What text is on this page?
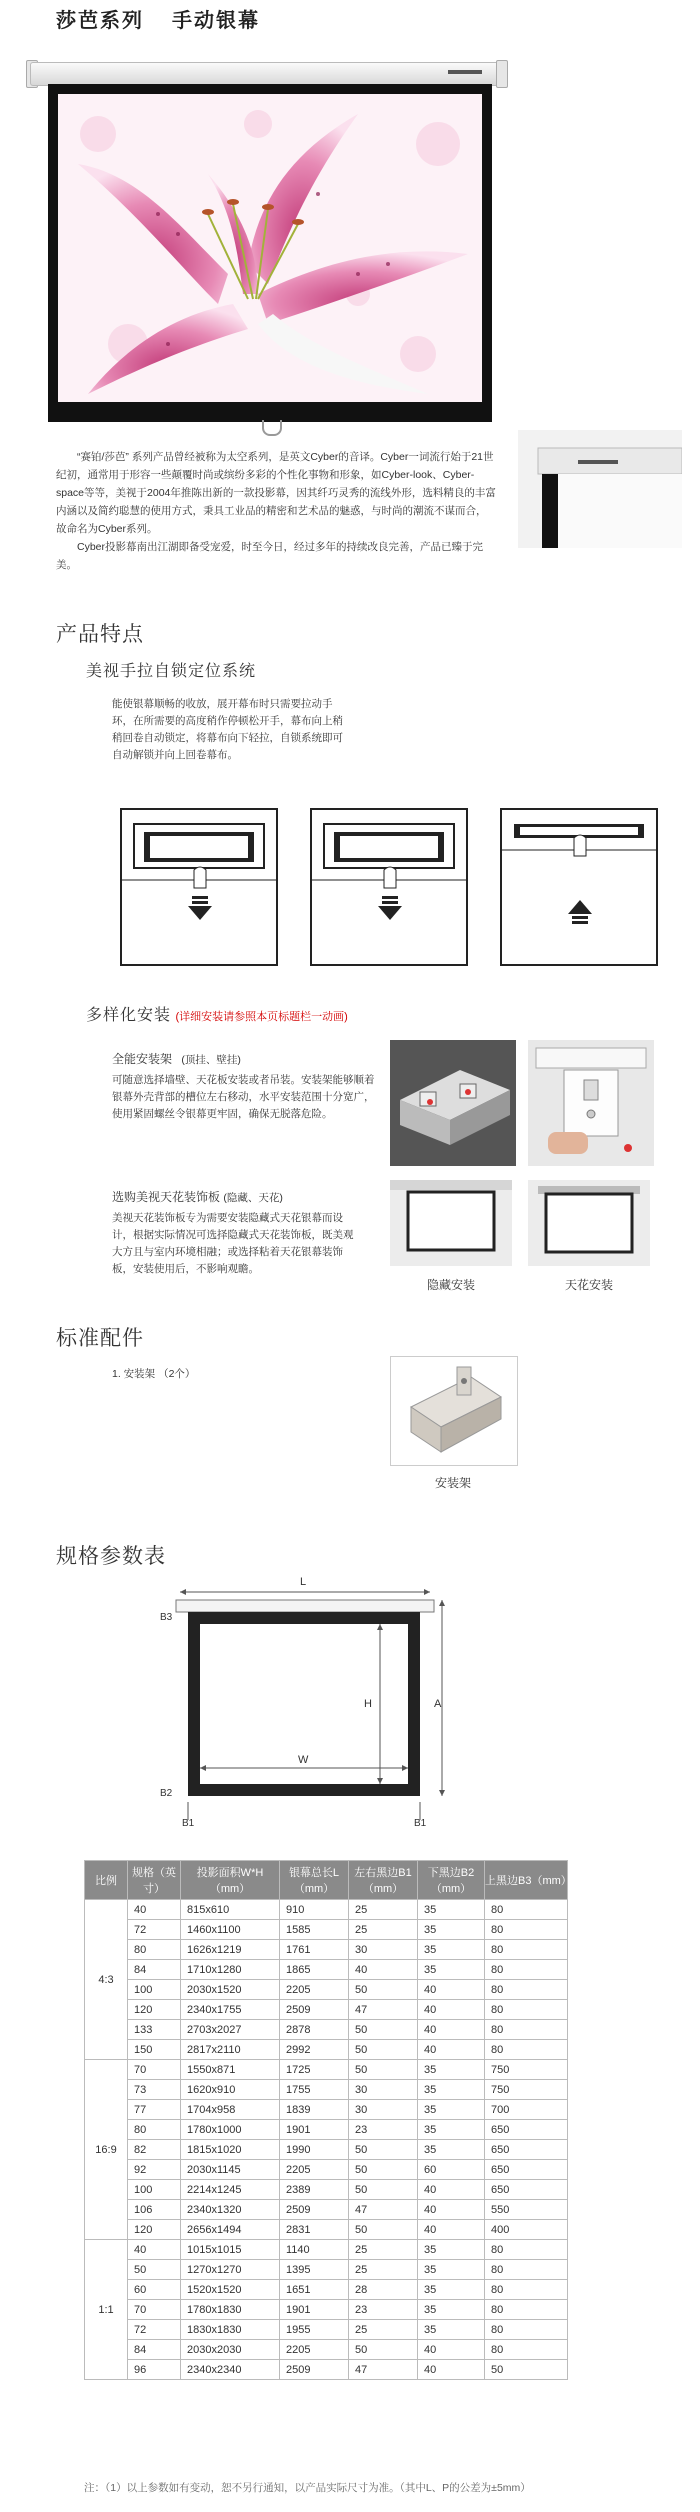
莎芭系列 手动银幕

“赛铂/莎芭” 系列产品曾经被称为太空系列，是英文Cyber的音译。Cyber一词流行始于21世纪初，通常用于形容一些颠覆时尚或缤纷多彩的个性化事物和形象，如Cyber-look、Cyber-space等等，美视于2004年推陈出新的一款投影幕，因其纤巧灵秀的流线外形，选料精良的丰富内涵以及简约聪慧的使用方式，秉具工业品的精密和艺术品的魅惑，与时尚的潮流不谋而合，故命名为Cyber系列。

Cyber投影幕南出江湖即备受宠爱，时至今日，经过多年的持续改良完善，产品已臻于完美。

产品特点
美视手拉自锁定位系统
能使银幕顺畅的收放，展开幕布时只需要拉动手环，在所需要的高度稍作停顿松开手，幕布向上稍稍回卷自动锁定，将幕布向下轻拉，自锁系统即可自动解锁并向上回卷幕布。
多样化安装 (详细安装请参照本页标题栏一动画)
全能安装架 (顶挂、壁挂)
可随意选择墙壁、天花板安装或者吊装。安装架能够顺着银幕外壳背部的槽位左右移动，水平安装范围十分宽广，使用紧固螺丝令银幕更牢固，确保无脱落危险。
选购美视天花装饰板 (隐藏、天花)
美视天花装饰板专为需要安装隐藏式天花银幕而设计，根据实际情况可选择隐藏式天花装饰板，既美观大方且与室内环境相融；或选择粘着天花银幕装饰板，安装使用后，不影响观瞻。
隐藏安装	天花安装
标准配件
1. 安装架 （2个）
安装架
规格参数表
L
A
H
W
B3
B2
B1	B1
比例	规格（英寸）	投影面积W*H（mm）	银幕总长L（mm）	左右黑边B1（mm）	下黑边B2（mm）	上黑边B3（mm）
4:3	40	815x610	910	25	35	80
	72	1460x1100	1585	25	35	80
	80	1626x1219	1761	30	35	80
	84	1710x1280	1865	40	35	80
	100	2030x1520	2205	50	40	80
	120	2340x1755	2509	47	40	80
	133	2703x2027	2878	50	40	80
	150	2817x2110	2992	50	40	80
16:9	70	1550x871	1725	50	35	750
	73	1620x910	1755	30	35	750
	77	1704x958	1839	30	35	700
	80	1780x1000	1901	23	35	650
	82	1815x1020	1990	50	35	650
	92	2030x1145	2205	50	60	650
	100	2214x1245	2389	50	40	650
	106	2340x1320	2509	47	40	550
	120	2656x1494	2831	50	40	400
1:1	40	1015x1015	1140	25	35	80
	50	1270x1270	1395	25	35	80
	60	1520x1520	1651	28	35	80
	70	1780x1830	1901	23	35	80
	72	1830x1830	1955	25	35	80
	84	2030x2030	2205	50	40	80
	96	2340x2340	2509	47	40	50
注：（1）以上参数如有变动，恕不另行通知，以产品实际尺寸为准。（其中L、P的公差为±5mm）
